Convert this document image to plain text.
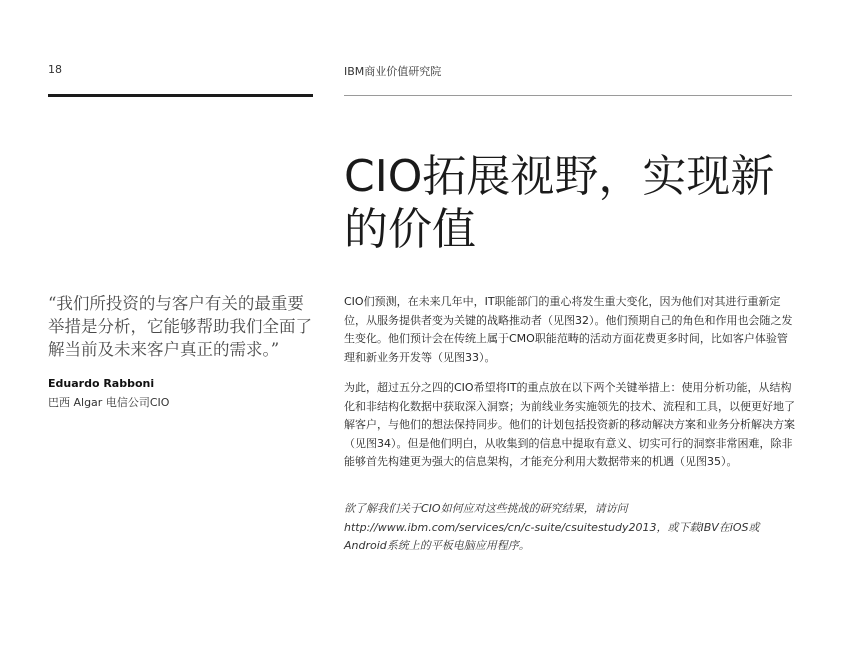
18	IBM商业价值研究院
CIO拓展视野，实现新的价值

“我们所投资的与客户有关的最重要举措是分析，它能够帮助我们全面了解当前及未来客户真正的需求。”

Eduardo Rabboni
巴西 Algar 电信公司CIO

CIO们预测，在未来几年中，IT职能部门的重心将发生重大变化，因为他们对其进行重新定位，从服务提供者变为关键的战略推动者（见图32）。他们预期自己的角色和作用也会随之发生变化。他们预计会在传统上属于CMO职能范畴的活动方面花费更多时间，比如客户体验管理和新业务开发等（见图33）。

为此，超过五分之四的CIO希望将IT的重点放在以下两个关键举措上：使用分析功能，从结构化和非结构化数据中获取深入洞察；为前线业务实施领先的技术、流程和工具，以便更好地了解客户，与他们的想法保持同步。他们的计划包括投资新的移动解决方案和业务分析解决方案（见图34）。但是他们明白，从收集到的信息中提取有意义、切实可行的洞察非常困难，除非能够首先构建更为强大的信息架构，才能充分利用大数据带来的机遇（见图35）。

欲了解我们关于CIO如何应对这些挑战的研究结果，请访问 http://www.ibm.com/services/cn/c-suite/csuitestudy2013，或下载IBV在iOS或Android系统上的平板电脑应用程序。
